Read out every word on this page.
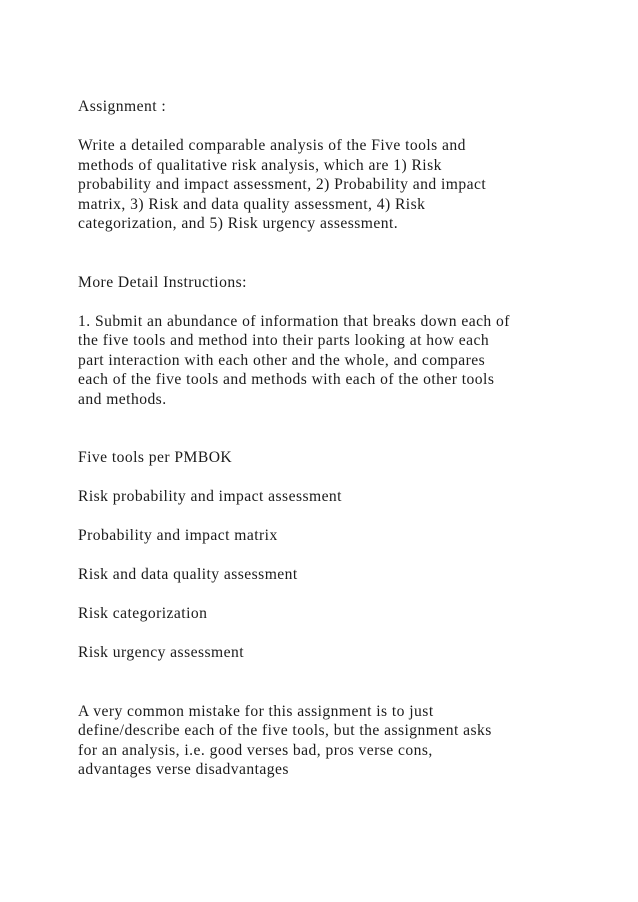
Assignment :

Write a detailed comparable analysis of the Five tools and
methods of qualitative risk analysis, which are 1) Risk
probability and impact assessment, 2) Probability and impact
matrix, 3) Risk and data quality assessment, 4) Risk
categorization, and 5) Risk urgency assessment.

More Detail Instructions:

1. Submit an abundance of information that breaks down each of
the five tools and method into their parts looking at how each
part interaction with each other and the whole, and compares
each of the five tools and methods with each of the other tools
and methods.

Five tools per PMBOK

Risk probability and impact assessment

Probability and impact matrix

Risk and data quality assessment

Risk categorization

Risk urgency assessment

A very common mistake for this assignment is to just
define/describe each of the five tools, but the assignment asks
for an analysis, i.e. good verses bad, pros verse cons,
advantages verse disadvantages
